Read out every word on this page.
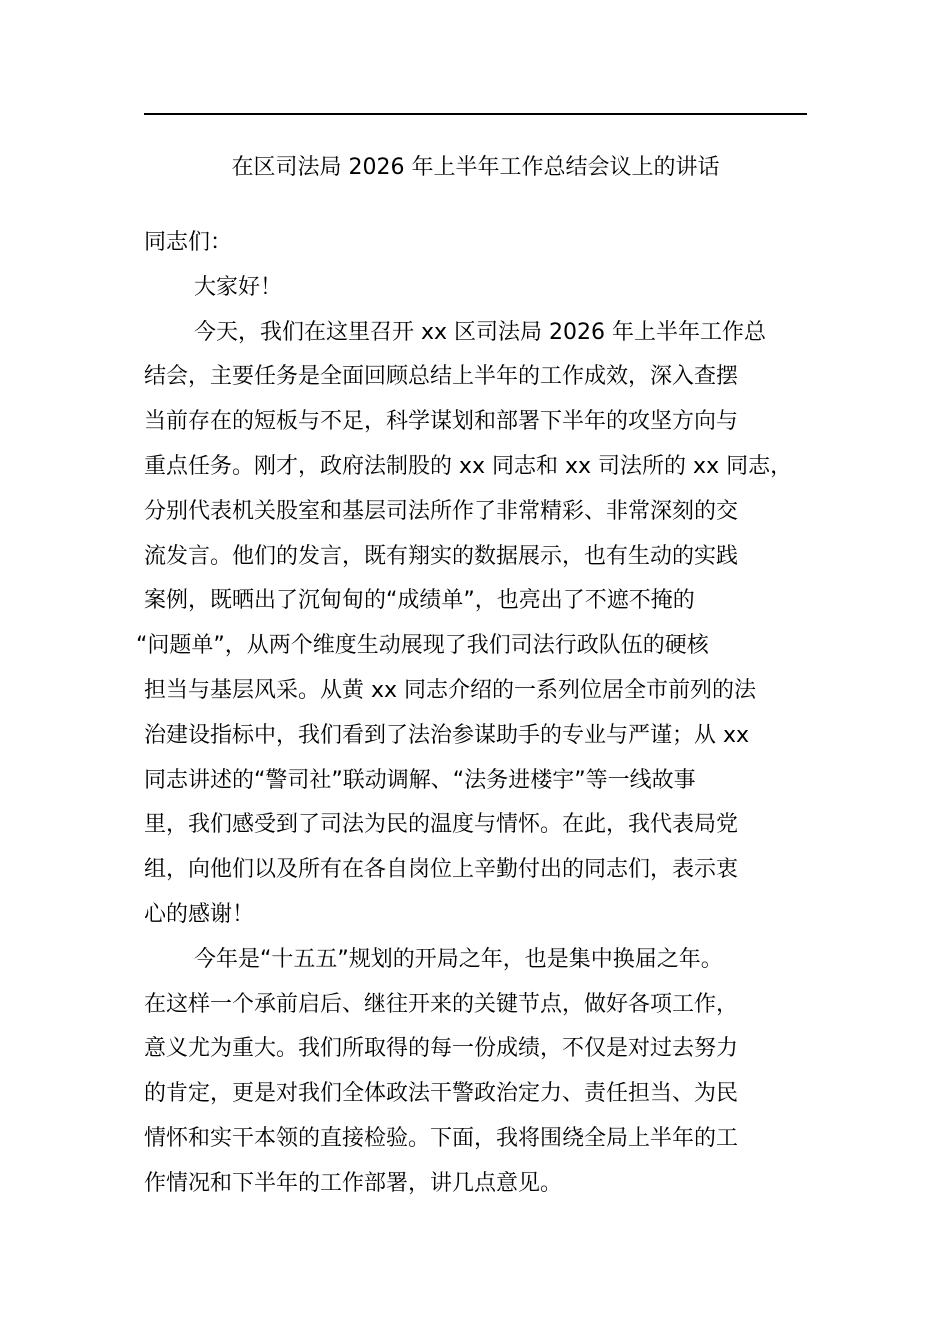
在区司法局 2026 年上半年工作总结会议上的讲话
同志们：
大家好！
今天，我们在这里召开 xx 区司法局 2026 年上半年工作总
结会，主要任务是全面回顾总结上半年的工作成效，深入查摆
当前存在的短板与不足，科学谋划和部署下半年的攻坚方向与
重点任务。刚才，政府法制股的 xx 同志和 xx 司法所的 xx 同志，
分别代表机关股室和基层司法所作了非常精彩、非常深刻的交
流发言。他们的发言，既有翔实的数据展示，也有生动的实践
案例，既晒出了沉甸甸的“成绩单”，也亮出了不遮不掩的
“问题单”，从两个维度生动展现了我们司法行政队伍的硬核
担当与基层风采。从黄 xx 同志介绍的一系列位居全市前列的法
治建设指标中，我们看到了法治参谋助手的专业与严谨；从 xx
同志讲述的“警司社”联动调解、“法务进楼宇”等一线故事
里，我们感受到了司法为民的温度与情怀。在此，我代表局党
组，向他们以及所有在各自岗位上辛勤付出的同志们，表示衷
心的感谢！
今年是“十五五”规划的开局之年，也是集中换届之年。
在这样一个承前启后、继往开来的关键节点，做好各项工作，
意义尤为重大。我们所取得的每一份成绩，不仅是对过去努力
的肯定，更是对我们全体政法干警政治定力、责任担当、为民
情怀和实干本领的直接检验。下面，我将围绕全局上半年的工
作情况和下半年的工作部署，讲几点意见。
